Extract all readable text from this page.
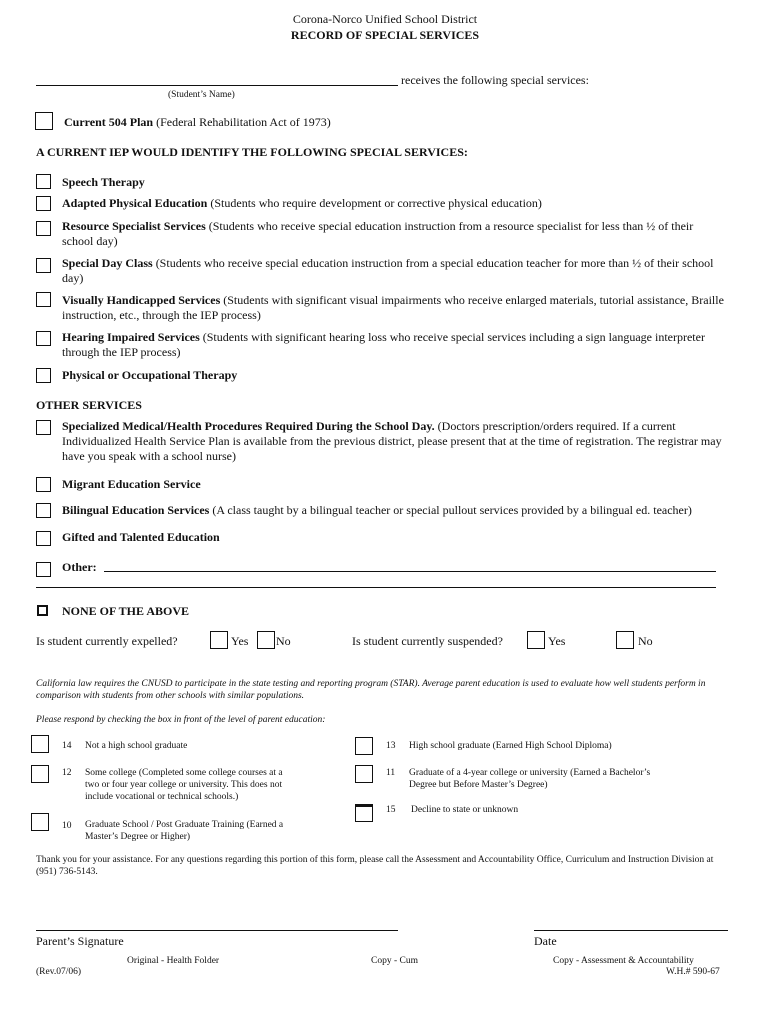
Corona-Norco Unified School District
RECORD OF SPECIAL SERVICES
receives the following special services:
(Student’s Name)
Current 504 Plan (Federal Rehabilitation Act of 1973)
A CURRENT IEP WOULD IDENTIFY THE FOLLOWING SPECIAL SERVICES:
Speech Therapy
Adapted Physical Education (Students who require development or corrective physical education)
Resource Specialist Services (Students who receive special education instruction from a resource specialist for less than ½ of their school day)
Special Day Class (Students who receive special education instruction from a special education teacher for more than ½ of their school day)
Visually Handicapped Services (Students with significant visual impairments who receive enlarged materials, tutorial assistance, Braille instruction, etc., through the IEP process)
Hearing Impaired Services (Students with significant hearing loss who receive special services including a sign language interpreter through the IEP process)
Physical or Occupational Therapy
OTHER SERVICES
Specialized Medical/Health Procedures Required During the School Day. (Doctors prescription/orders required. If a current Individualized Health Service Plan is available from the previous district, please present that at the time of registration. The registrar may have you speak with a school nurse)
Migrant Education Service
Bilingual Education Services (A class taught by a bilingual teacher or special pullout services provided by a bilingual ed. teacher)
Gifted and Talented Education
Other:
NONE OF THE ABOVE
Is student currently expelled?	Yes No	Is student currently suspended?	Yes	No
California law requires the CNUSD to participate in the state testing and reporting program (STAR). Average parent education is used to evaluate how well students perform in comparison with students from other schools with similar populations.
Please respond by checking the box in front of the level of parent education:
14 Not a high school graduate
12 Some college (Completed some college courses at a two or four year college or university. This does not include vocational or technical schools.)
10 Graduate School / Post Graduate Training (Earned a Master’s Degree or Higher)
13 High school graduate (Earned High School Diploma)
11 Graduate of a 4-year college or university (Earned a Bachelor’s Degree but Before Master’s Degree)
15 Decline to state or unknown
Thank you for your assistance. For any questions regarding this portion of this form, please call the Assessment and Accountability Office, Curriculum and Instruction Division at (951) 736-5143.
Parent’s Signature	Date
Original - Health Folder	Copy - Cum	Copy - Assessment & Accountability
(Rev.07/06)	W.H.# 590-67
